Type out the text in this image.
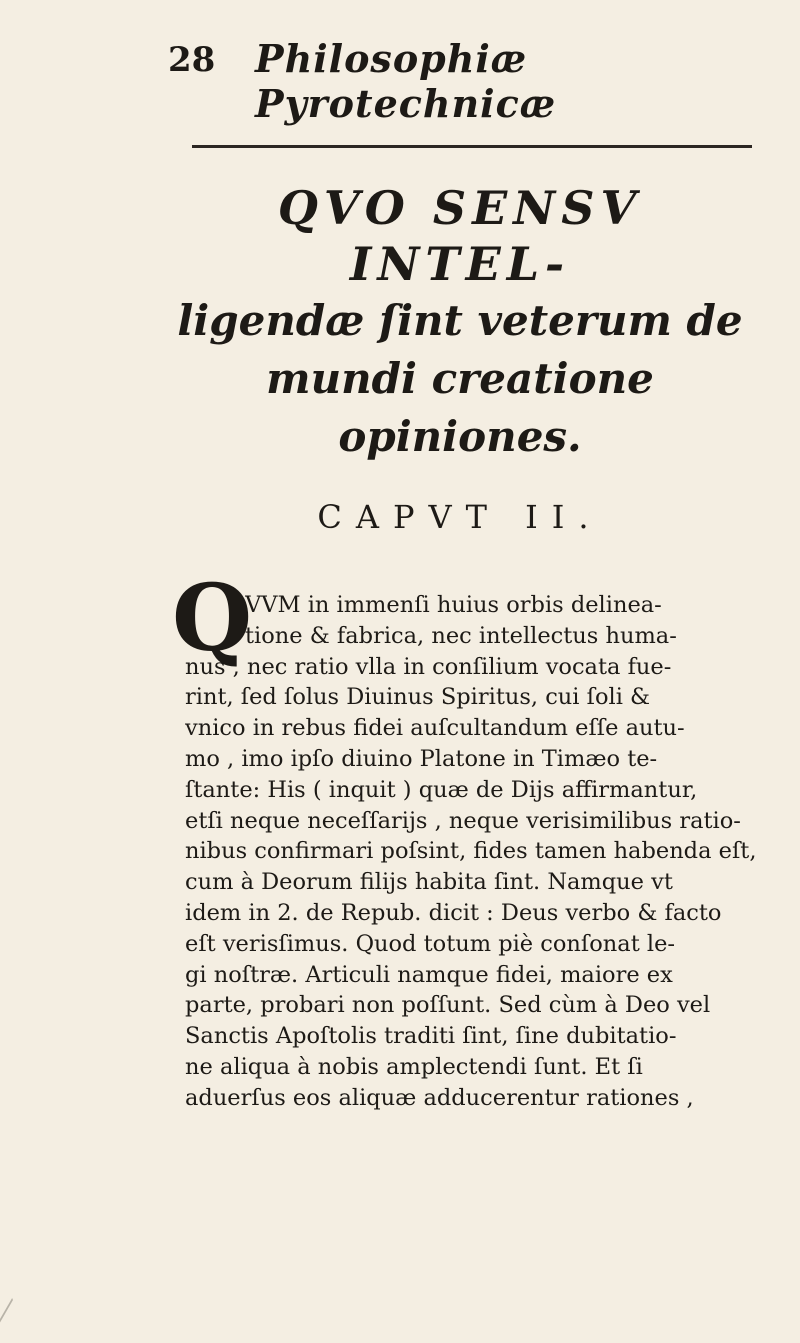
28 Philosophiæ Pyrotechnicæ
QVO SENSV INTEL-
ligendæ ſint veterum de
mundi creatione
opiniones.
CAPVT II.
Q
VVM in immenſi huius orbis delinea-
tione & fabrica, nec intellectus huma-
nus , nec ratio vlla in conſilium vocata fue-
rint, ſed ſolus Diuinus Spiritus, cui ſoli &
vnico in rebus fidei auſcultandum eſſe autu-
mo , imo ipſo diuino Platone in Timæo te-
ſtante: His ( inquit ) quæ de Dijs affirmantur,
etſi neque neceſſarijs , neque verisimilibus ratio-
nibus confirmari poſsint, fides tamen habenda eſt,
cum à Deorum filijs habita ſint. Namque vt
idem in 2. de Repub. dicit : Deus verbo & facto
eſt verisſimus. Quod totum piè conſonat le-
gi noſtræ. Articuli namque fidei, maiore ex
parte, probari non poſſunt. Sed cùm à Deo vel
Sanctis Apoſtolis traditi ſint, ſine dubitatio-
ne aliqua à nobis amplectendi ſunt. Et ſi
aduerſus eos aliquæ adducerentur rationes ,
